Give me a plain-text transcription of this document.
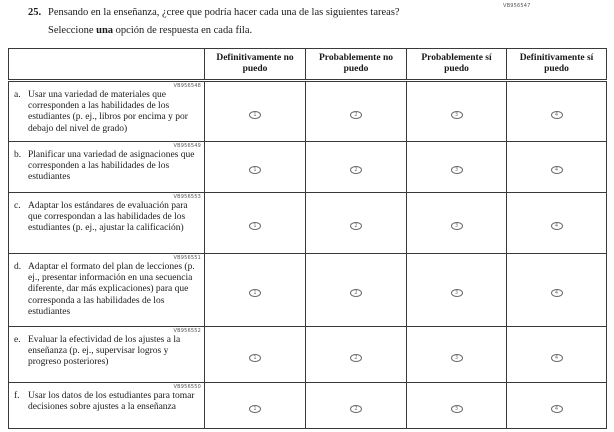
VB956547
25. Pensando en la enseñanza, ¿cree que podría hacer cada una de las siguientes tareas?
Seleccione una opción de respuesta en cada fila.
	Definitivamente no puedo	Probablemente no puedo	Probablemente sí puedo	Definitivamente sí puedo

VB956548
a. Usar una variedad de materiales que corresponden a las habilidades de los estudiantes (p. ej., libros por encima y por debajo del nivel de grado)	1	2	3	4

VB956549
b. Planificar una variedad de asignaciones que corresponden a las habilidades de los estudiantes	1	2	3	4

VB956553
c. Adaptar los estándares de evaluación para que correspondan a las habilidades de los estudiantes (p. ej., ajustar la calificación)	1	2	3	4

VB956551
d. Adaptar el formato del plan de lecciones (p. ej., presentar información en una secuencia diferente, dar más explicaciones) para que corresponda a las habilidades de los estudiantes	1	2	3	4

VB956552
e. Evaluar la efectividad de los ajustes a la enseñanza (p. ej., supervisar logros y progreso posteriores)	1	2	3	4

VB956550
f. Usar los datos de los estudiantes para tomar decisiones sobre ajustes a la enseñanza	1	2	3	4
